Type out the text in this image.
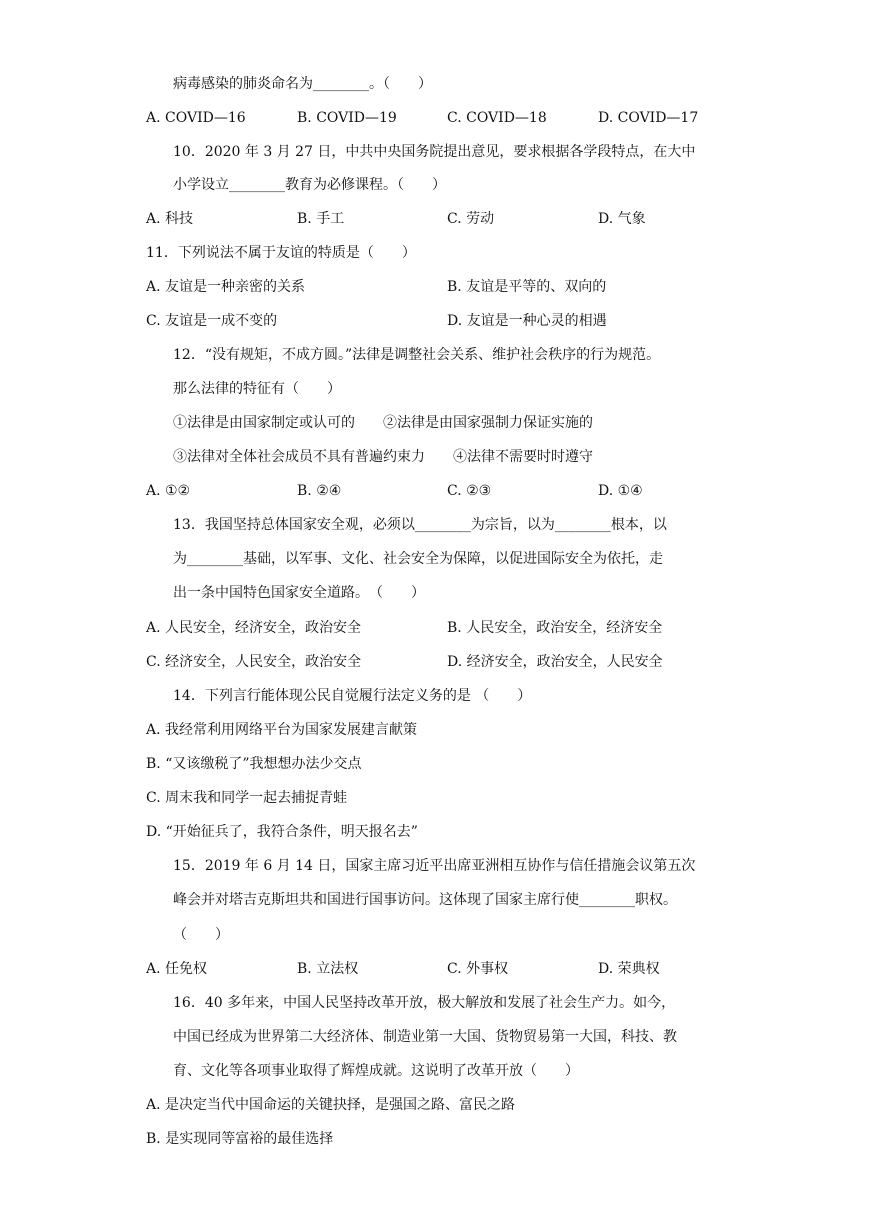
病毒感染的肺炎命名为________。（　　）
A. COVID—16	B. COVID—19	C. COVID—18	D. COVID—17
10．2020 年 3 月 27 日，中共中央国务院提出意见，要求根据各学段特点，在大中
小学设立________教育为必修课程。（　　）
A. 科技	B. 手工	C. 劳动	D. 气象
11．下列说法不属于友谊的特质是（　　）
A. 友谊是一种亲密的关系	B. 友谊是平等的、双向的
C. 友谊是一成不变的	D. 友谊是一种心灵的相遇
12．“没有规矩，不成方圆。”法律是调整社会关系、维护社会秩序的行为规范。
那么法律的特征有（　　）
①法律是由国家制定或认可的　　②法律是由国家强制力保证实施的
③法律对全体社会成员不具有普遍约束力　　④法律不需要时时遵守
A. ①②	B. ②④	C. ②③	D. ①④
13．我国坚持总体国家安全观，必须以________为宗旨，以为________根本，以
为________基础，以军事、文化、社会安全为保障，以促进国际安全为依托，走
出一条中国特色国家安全道路。　（　　）
A. 人民安全，经济安全，政治安全	B. 人民安全，政治安全，经济安全
C. 经济安全，人民安全，政治安全	D. 经济安全，政治安全，人民安全
14．下列言行能体现公民自觉履行法定义务的是 （　　）
A. 我经常利用网络平台为国家发展建言献策
B. “又该缴税了”我想想办法少交点
C. 周末我和同学一起去捕捉青蛙
D. “开始征兵了，我符合条件，明天报名去”
15．2019 年 6 月 14 日，国家主席习近平出席亚洲相互协作与信任措施会议第五次
峰会并对塔吉克斯坦共和国进行国事访问。这体现了国家主席行使________职权。
（　　）
A. 任免权	B. 立法权	C. 外事权	D. 荣典权
16．40 多年来，中国人民坚持改革开放，极大解放和发展了社会生产力。如今，
中国已经成为世界第二大经济体、制造业第一大国、货物贸易第一大国，科技、教
育、文化等各项事业取得了辉煌成就。这说明了改革开放（　　）
A. 是决定当代中国命运的关键抉择，是强国之路、富民之路
B. 是实现同等富裕的最佳选择
